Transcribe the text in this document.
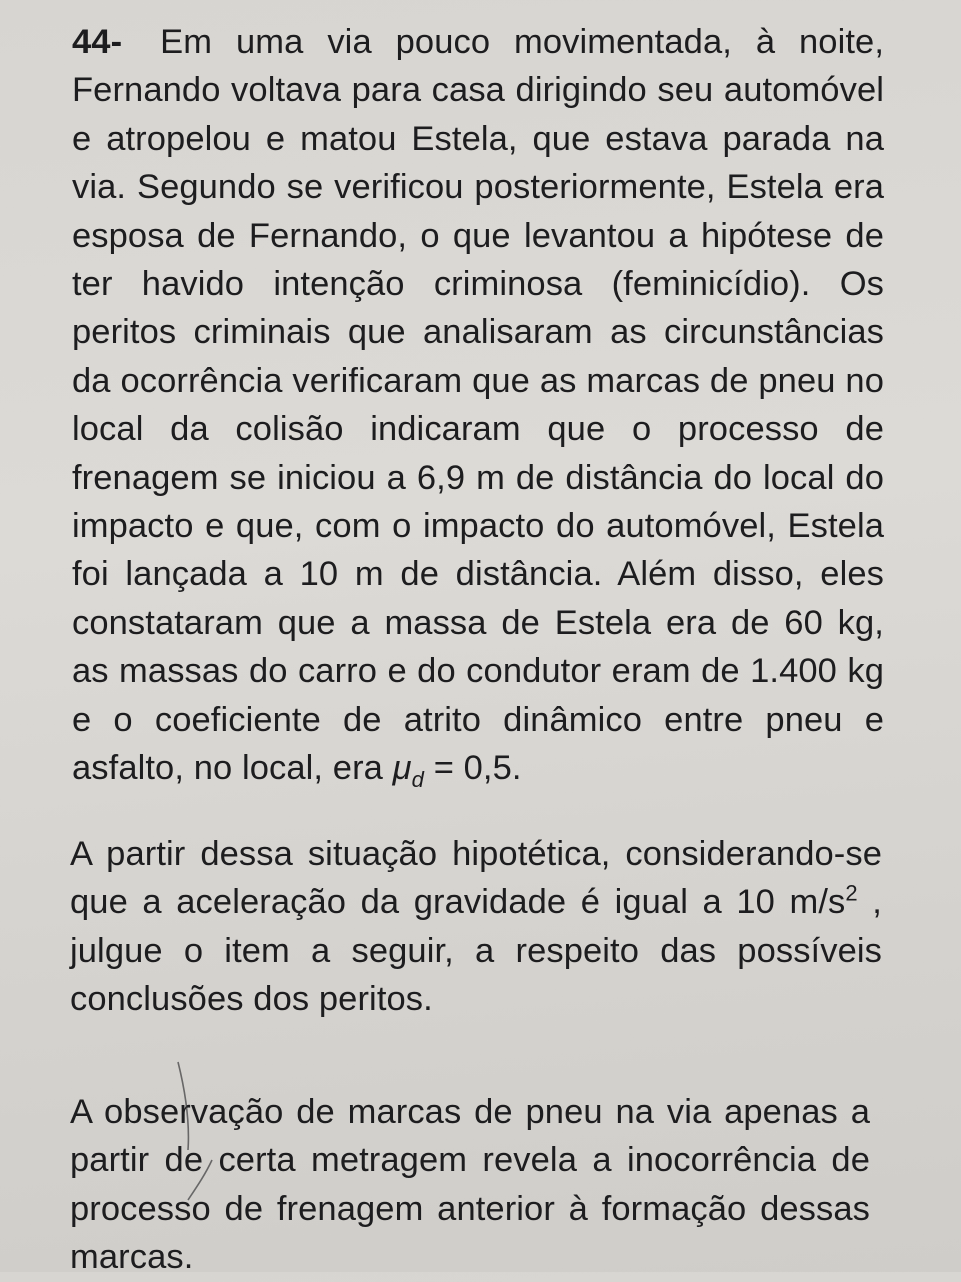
44- Em uma via pouco movimentada, à noite, Fernando voltava para casa dirigindo seu automóvel e atropelou e matou Estela, que estava parada na via. Segundo se verificou posteriormente, Estela era esposa de Fernando, o que levantou a hipótese de ter havido intenção criminosa (feminicídio). Os peritos criminais que analisaram as circunstâncias da ocorrência verificaram que as marcas de pneu no local da colisão indicaram que o processo de frenagem se iniciou a 6,9 m de distância do local do impacto e que, com o impacto do automóvel, Estela foi lançada a 10 m de distância. Além disso, eles constataram que a massa de Estela era de 60 kg, as massas do carro e do condutor eram de 1.400 kg e o coeficiente de atrito dinâmico entre pneu e asfalto, no local, era $\mu_d = 0,5$.
A partir dessa situação hipotética, considerando-se que a aceleração da gravidade é igual a 10 $m/s^2$ , julgue o item a seguir, a respeito das possíveis conclusões dos peritos.
A observação de marcas de pneu na via apenas a partir de certa metragem revela a inocorrência de processo de frenagem anterior à formação dessas marcas.
